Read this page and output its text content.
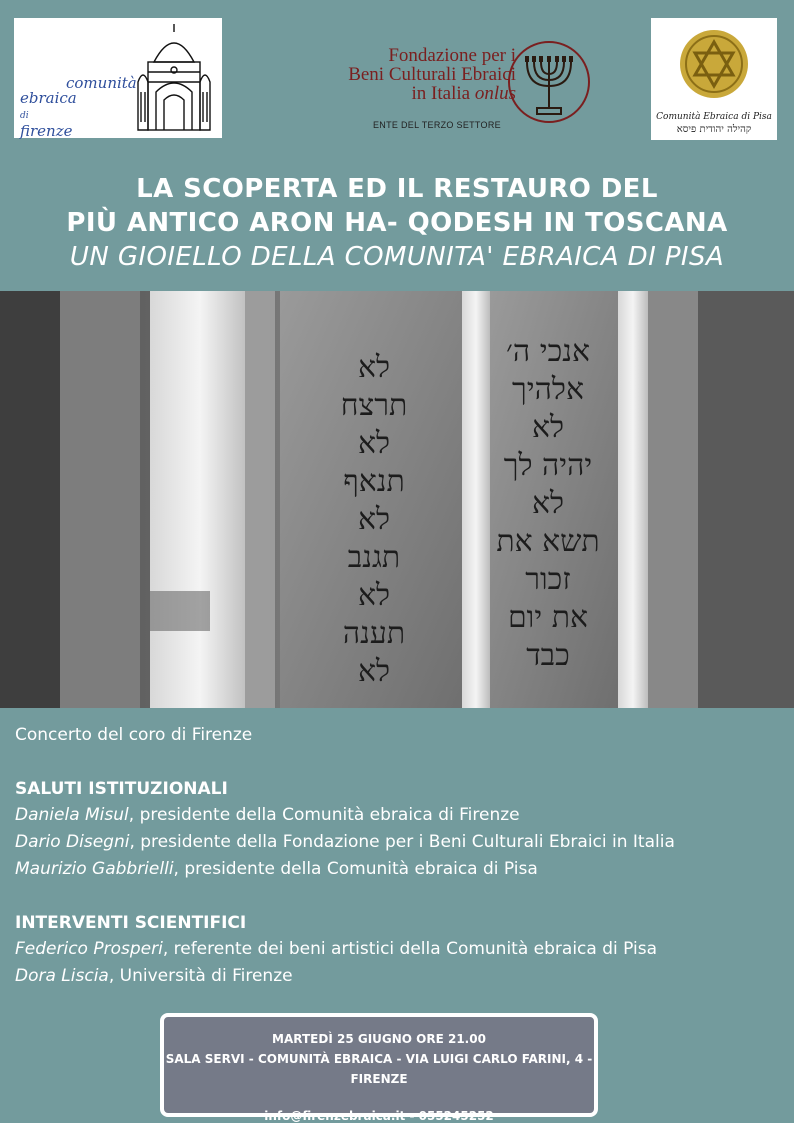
comunità
ebraica
di
firenze
Fondazione per i
Beni Culturali Ebraici
in Italia onlus
ENTE DEL TERZO SETTORE
Comunità Ebraica di Pisa
קהילה יהודית פיסא
LA SCOPERTA ED IL RESTAURO DEL
PIÙ ANTICO ARON HA- QODESH IN TOSCANA
UN GIOIELLO DELLA COMUNITA' EBRAICA DI PISA
לא
תרצח
לא
תנאף
לא
תגנב
לא
תענה
לא
אנכי ה׳
אלהיך
לא
יהיה לך
לא
תשא את
זכור
את יום
כבד

Concerto del coro di Firenze

SALUTI ISTITUZIONALI

Daniela Misul, presidente della Comunità ebraica di Firenze

Dario Disegni, presidente della Fondazione per i Beni Culturali Ebraici in Italia

Maurizio Gabbrielli, presidente della Comunità ebraica di Pisa

INTERVENTI SCIENTIFICI

Federico Prosperi, referente dei beni artistici della Comunità ebraica di Pisa

Dora Liscia, Università di Firenze

MARTEDÌ 25 GIUGNO ORE 21.00
SALA SERVI - COMUNITÀ EBRAICA - VIA LUIGI CARLO FARINI, 4 - FIRENZE
info@firenzebraica.it - 055245252
